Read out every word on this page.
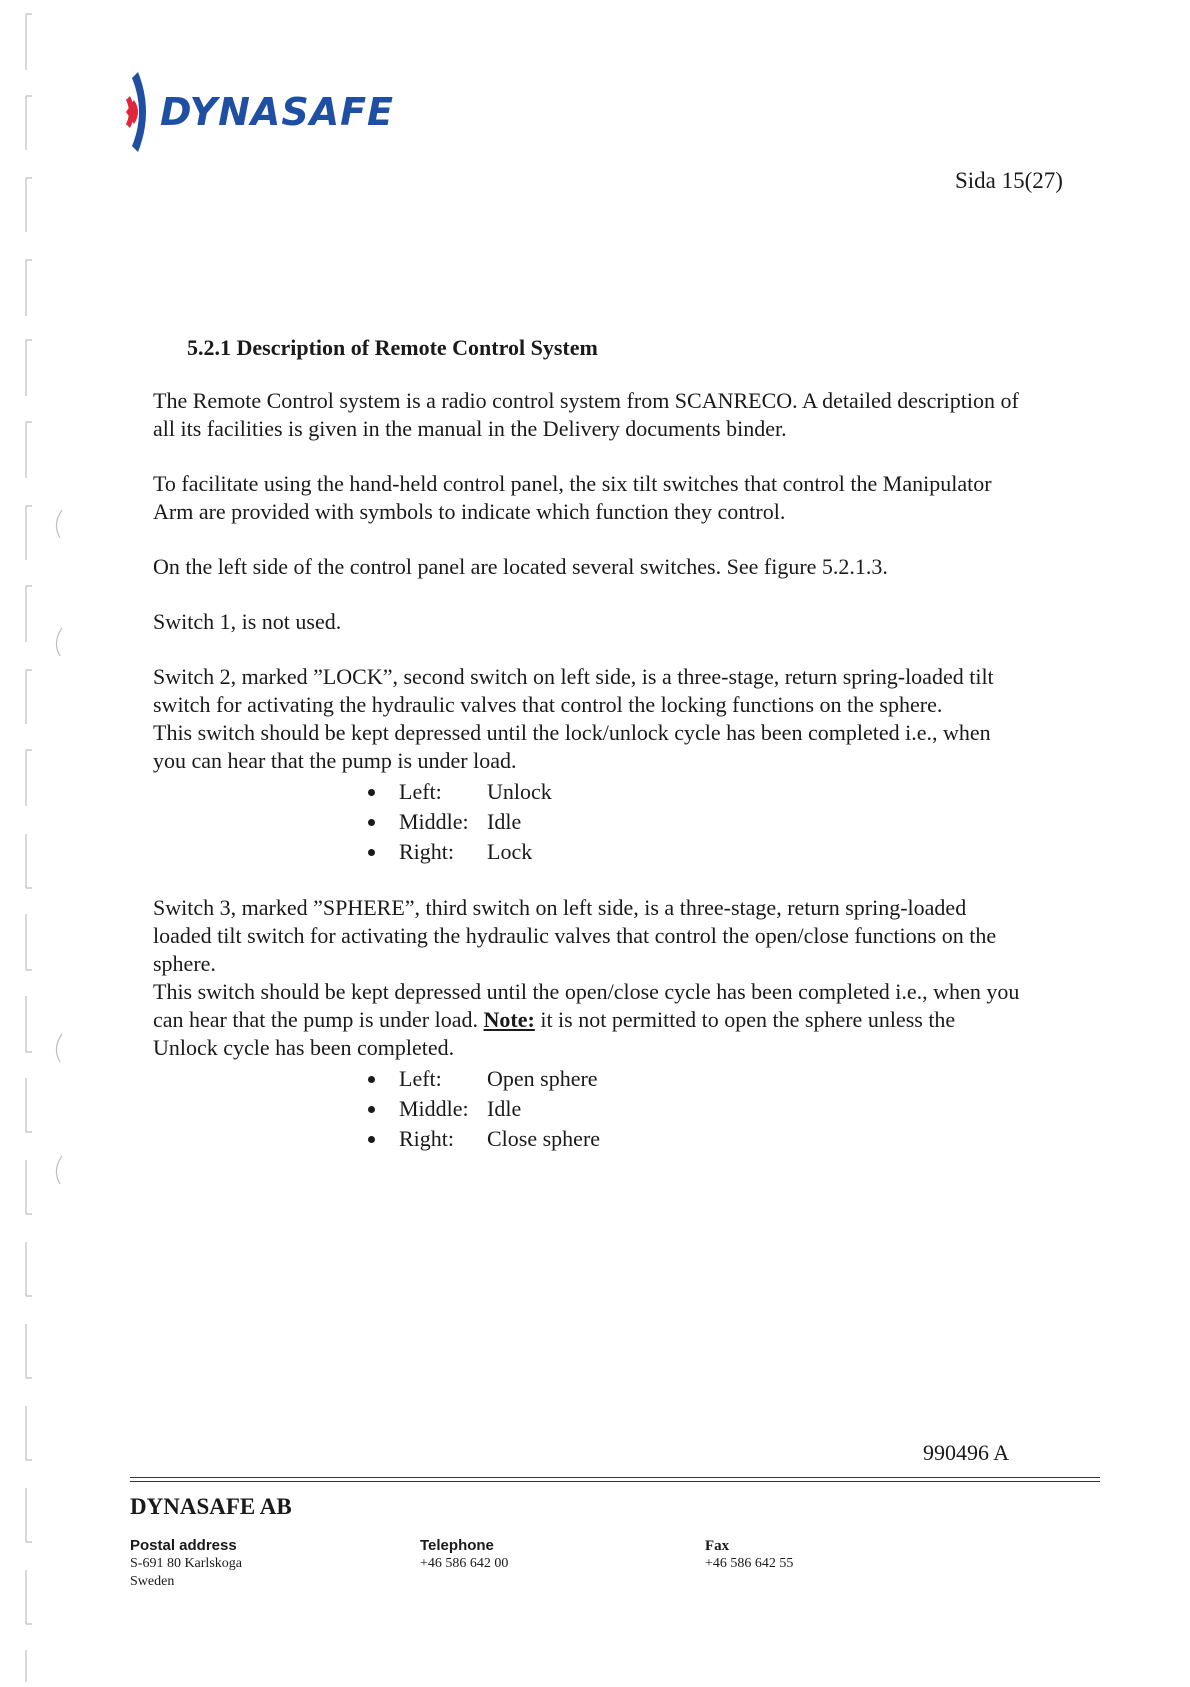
DYNASAFE
Sida 15(27)
5.2.1 Description of Remote Control System

The Remote Control system is a radio control system from SCANRECO. A detailed description of
all its facilities is given in the manual in the Delivery documents binder.

To facilitate using the hand-held control panel, the six tilt switches that control the Manipulator
Arm are provided with symbols to indicate which function they control.

On the left side of the control panel are located several switches. See figure 5.2.1.3.

Switch 1, is not used.

Switch 2, marked ”LOCK”, second switch on left side, is a three-stage, return spring-loaded tilt
switch for activating the hydraulic valves that control the locking functions on the sphere.
This switch should be kept depressed until the lock/unlock cycle has been completed i.e., when
you can hear that the pump is under load.

Left:	Unlock
Middle: Idle
Right:	Lock

Switch 3, marked ”SPHERE”, third switch on left side, is a three-stage, return spring-loaded
loaded tilt switch for activating the hydraulic valves that control the open/close functions on the
sphere.
This switch should be kept depressed until the open/close cycle has been completed i.e., when you
can hear that the pump is under load. Note: it is not permitted to open the sphere unless the
Unlock cycle has been completed.

Left:	Open sphere
Middle: Idle
Right:	Close sphere
990496 A
DYNASAFE AB
Postal address
S-691 80 Karlskoga
Sweden
Telephone
+46 586 642 00
Fax
+46 586 642 55
